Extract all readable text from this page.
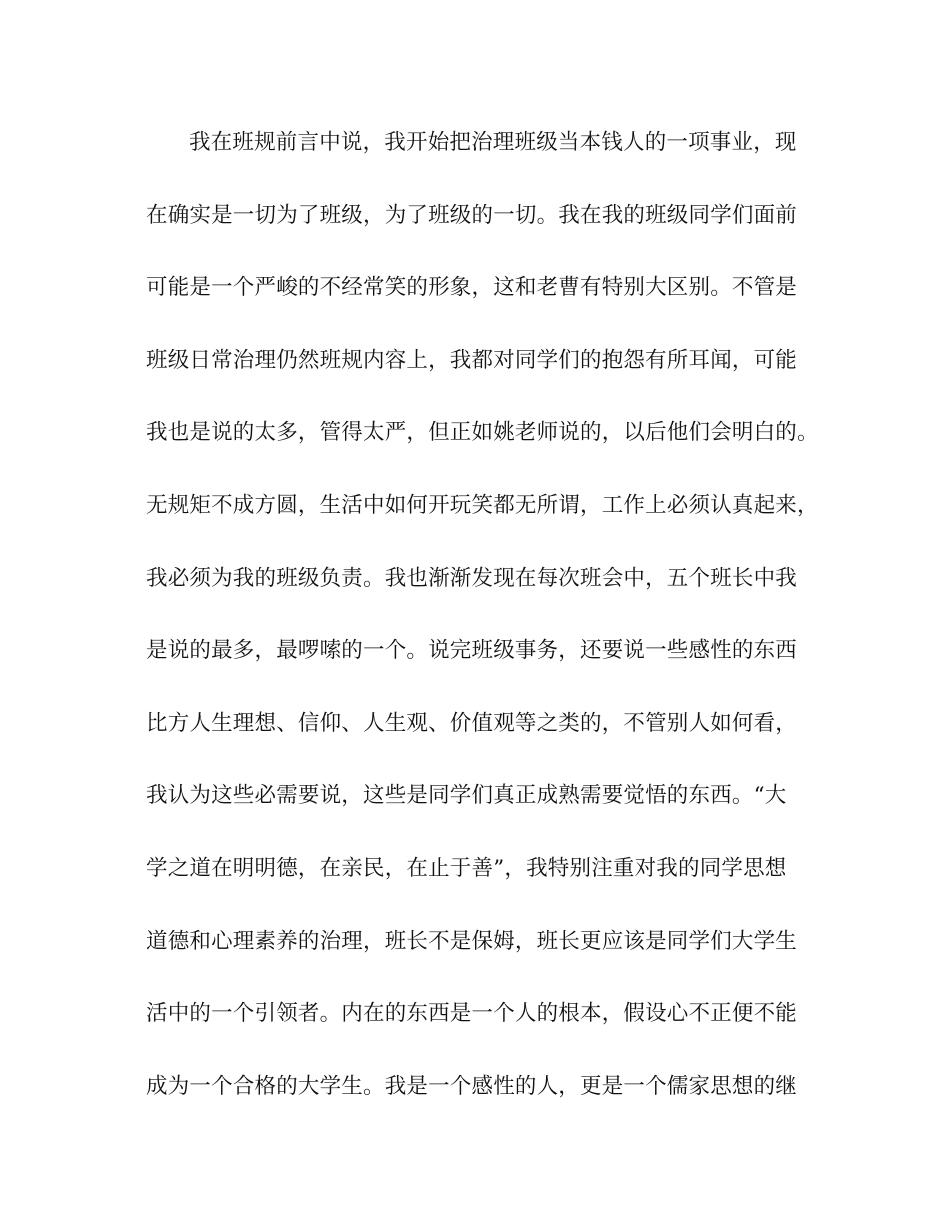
我在班规前言中说，我开始把治理班级当本钱人的一项事业，现
在确实是一切为了班级，为了班级的一切。我在我的班级同学们面前
可能是一个严峻的不经常笑的形象，这和老曹有特别大区别。不管是
班级日常治理仍然班规内容上，我都对同学们的抱怨有所耳闻，可能
我也是说的太多，管得太严，但正如姚老师说的，以后他们会明白的。
无规矩不成方圆，生活中如何开玩笑都无所谓，工作上必须认真起来，
我必须为我的班级负责。我也渐渐发现在每次班会中，五个班长中我
是说的最多，最啰嗦的一个。说完班级事务，还要说一些感性的东西
比方人生理想、信仰、人生观、价值观等之类的，不管别人如何看，
我认为这些必需要说，这些是同学们真正成熟需要觉悟的东西。“大
学之道在明明德，在亲民，在止于善”，我特别注重对我的同学思想
道德和心理素养的治理，班长不是保姆，班长更应该是同学们大学生
活中的一个引领者。内在的东西是一个人的根本，假设心不正便不能
成为一个合格的大学生。我是一个感性的人，更是一个儒家思想的继
